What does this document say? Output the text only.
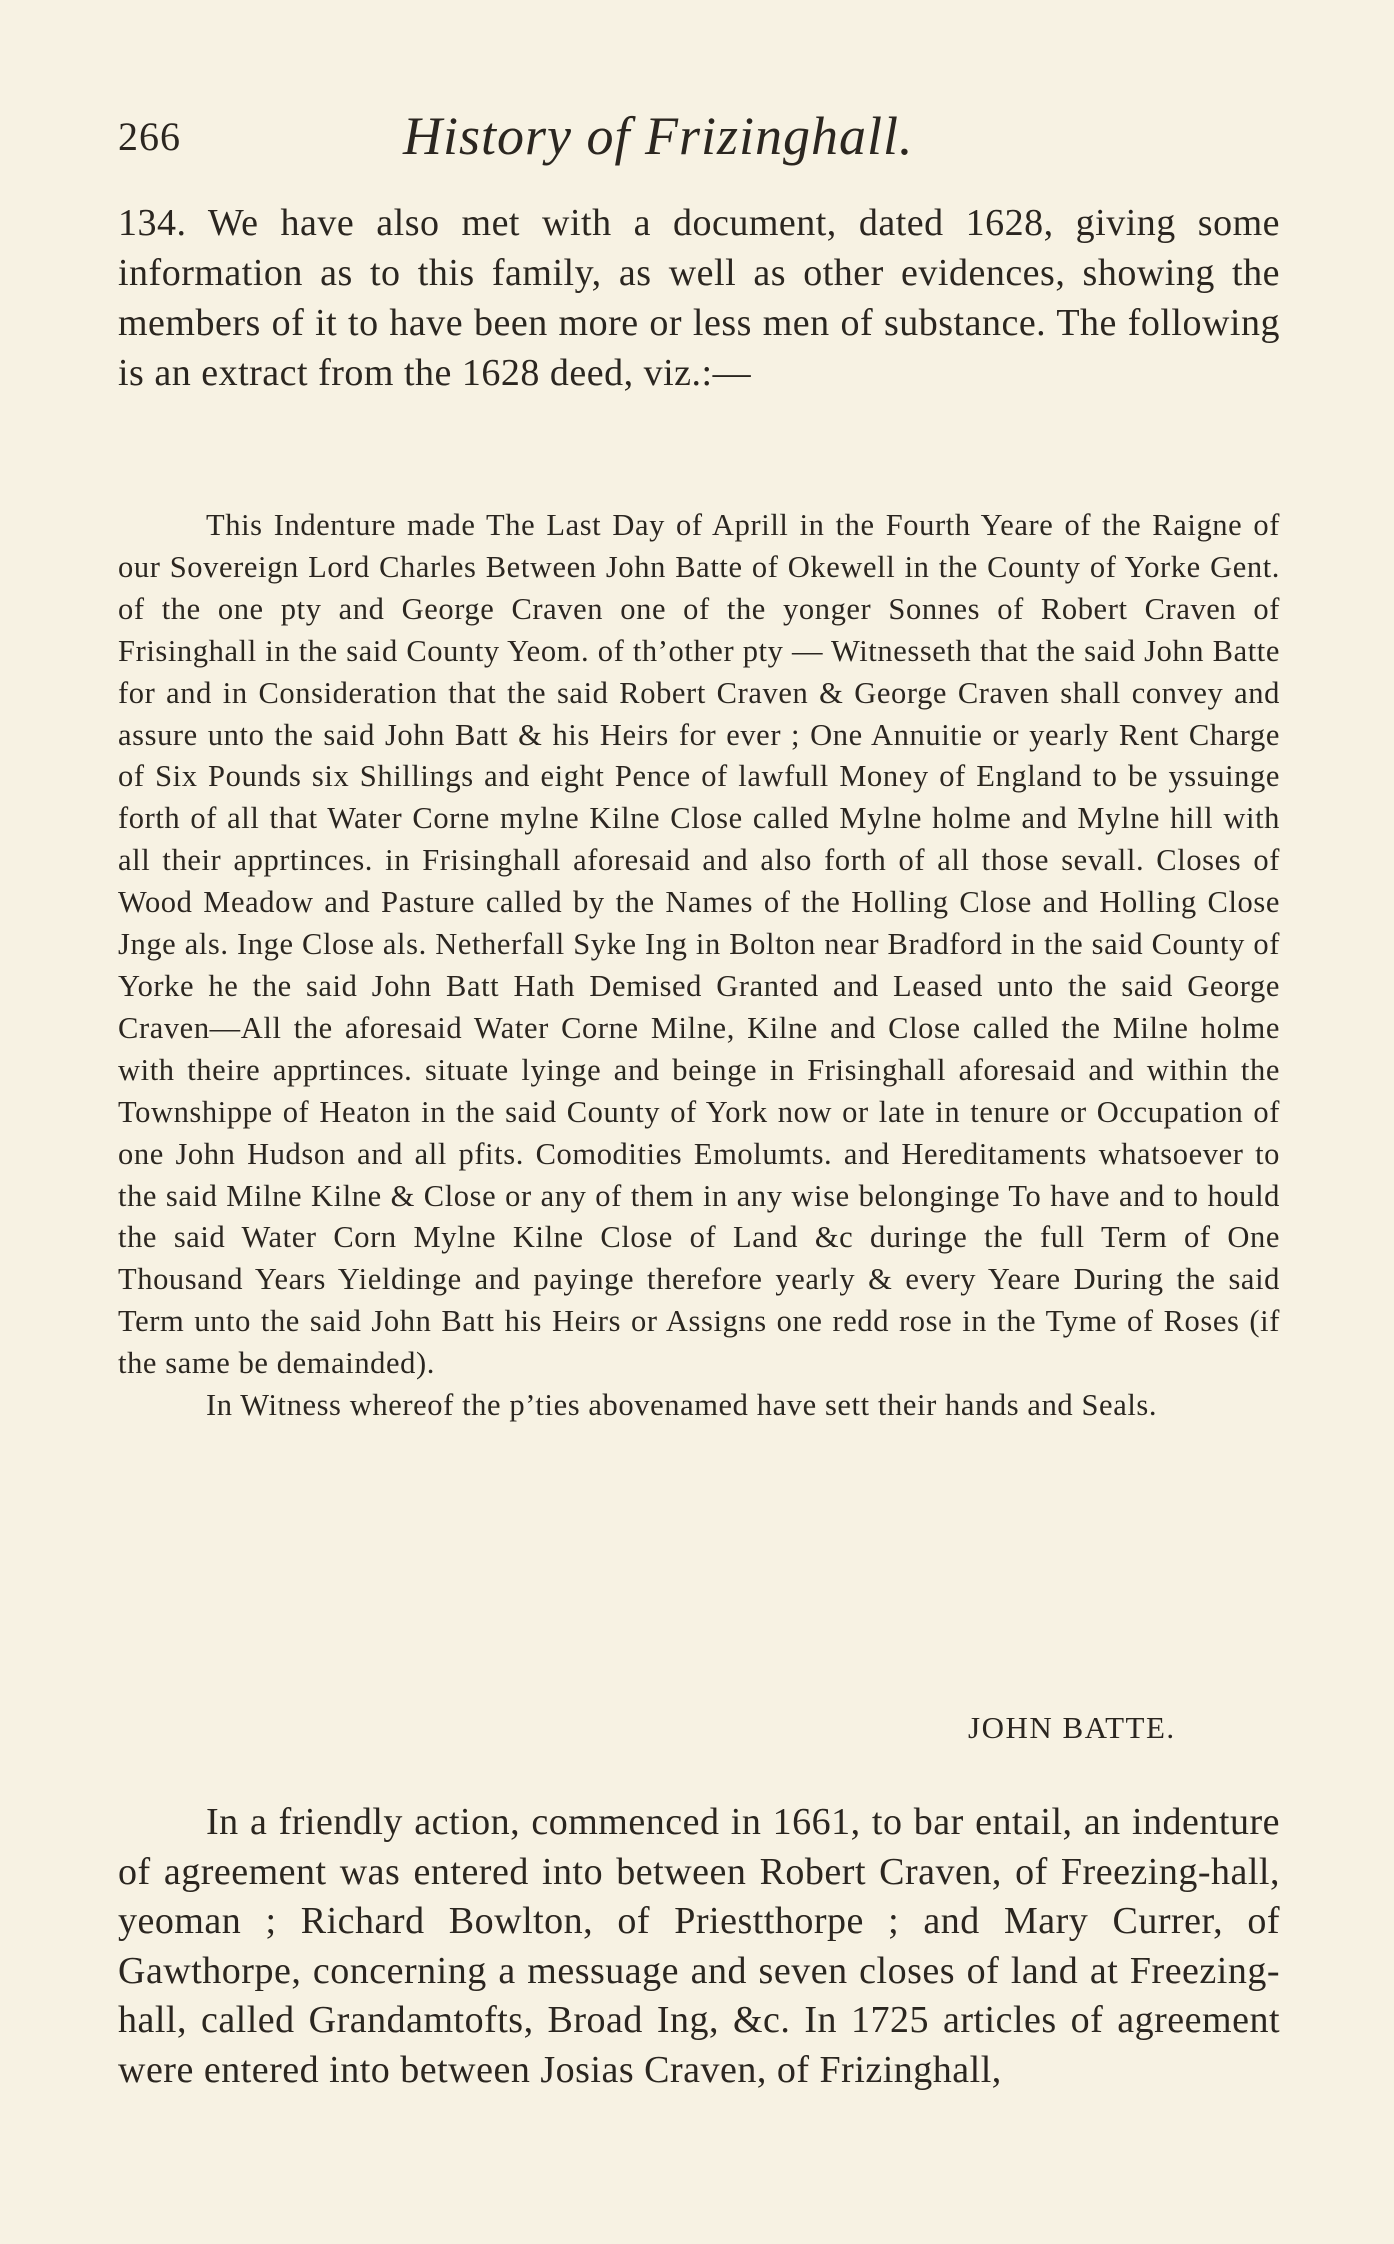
266	History of Frizinghall.

134. We have also met with a document, dated 1628, giving some information as to this family, as well as other evidences, showing the members of it to have been more or less men of substance. The following is an extract from the 1628 deed, viz.:—

This Indenture made The Last Day of Aprill in the Fourth Yeare of the Raigne of our Sovereign Lord Charles Between John Batte of Okewell in the County of Yorke Gent. of the one pty and George Craven one of the yonger Sonnes of Robert Craven of Frisinghall in the said County Yeom. of th’other pty — Witnesseth that the said John Batte for and in Consideration that the said Robert Craven & George Craven shall convey and assure unto the said John Batt & his Heirs for ever ; One Annuitie or yearly Rent Charge of Six Pounds six Shillings and eight Pence of lawfull Money of England to be yssuinge forth of all that Water Corne mylne Kilne Close called Mylne holme and Mylne hill with all their apprtinces. in Frisinghall aforesaid and also forth of all those sevall. Closes of Wood Meadow and Pasture called by the Names of the Holling Close and Holling Close Jnge als. Inge Close als. Netherfall Syke Ing in Bolton near Bradford in the said County of Yorke he the said John Batt Hath Demised Granted and Leased unto the said George Craven—All the aforesaid Water Corne Milne, Kilne and Close called the Milne holme with theire apprtinces. situate lyinge and beinge in Frisinghall aforesaid and within the Townshippe of Heaton in the said County of York now or late in tenure or Occupation of one John Hudson and all pfits. Comodities Emolumts. and Hereditaments whatsoever to the said Milne Kilne & Close or any of them in any wise belonginge To have and to hould the said Water Corn Mylne Kilne Close of Land &c duringe the full Term of One Thousand Years Yieldinge and payinge therefore yearly & every Yeare During the said Term unto the said John Batt his Heirs or Assigns one redd rose in the Tyme of Roses (if the same be demainded).

In Witness whereof the p’ties abovenamed have sett their hands and Seals.

JOHN BATTE.

In a friendly action, commenced in 1661, to bar entail, an indenture of agreement was entered into between Robert Craven, of Freezing-hall, yeoman ; Richard Bowlton, of Priestthorpe ; and Mary Currer, of Gawthorpe, concerning a messuage and seven closes of land at Freezing-hall, called Grandamtofts, Broad Ing, &c. In 1725 articles of agreement were entered into between Josias Craven, of Frizinghall,
